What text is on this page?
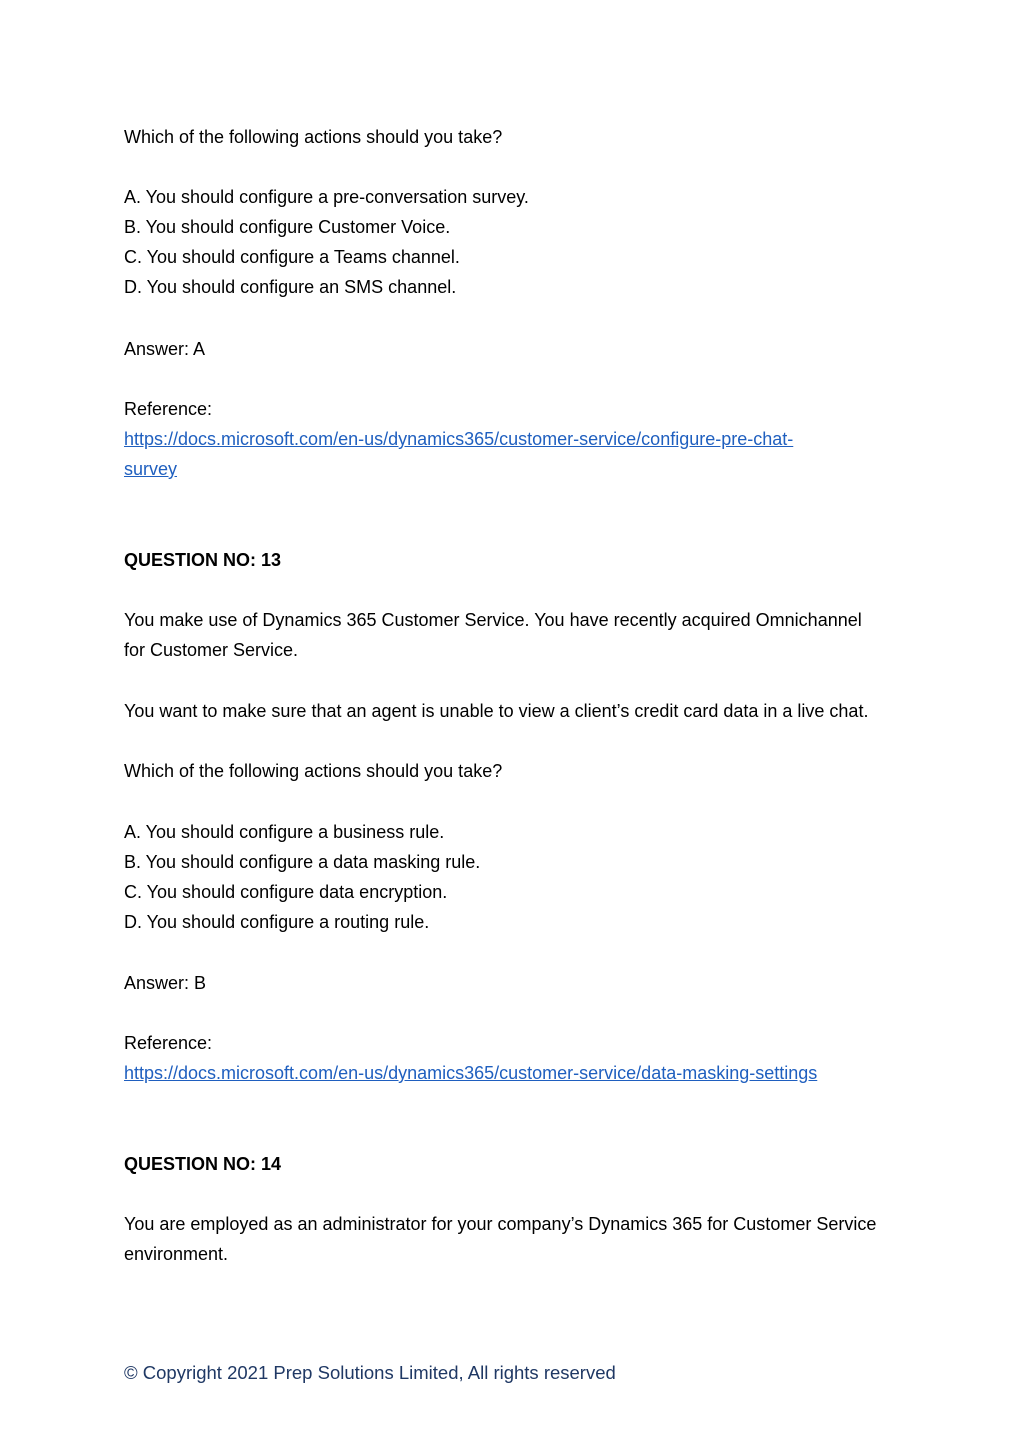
Which of the following actions should you take?
A. You should configure a pre-conversation survey.
B. You should configure Customer Voice.
C. You should configure a Teams channel.
D. You should configure an SMS channel.
Answer: A
Reference:
https://docs.microsoft.com/en-us/dynamics365/customer-service/configure-pre-chat-
survey
QUESTION NO: 13
You make use of Dynamics 365 Customer Service. You have recently acquired Omnichannel
for Customer Service.
You want to make sure that an agent is unable to view a client’s credit card data in a live chat.
Which of the following actions should you take?
A. You should configure a business rule.
B. You should configure a data masking rule.
C. You should configure data encryption.
D. You should configure a routing rule.
Answer: B
Reference:
https://docs.microsoft.com/en-us/dynamics365/customer-service/data-masking-settings
QUESTION NO: 14
You are employed as an administrator for your company’s Dynamics 365 for Customer Service
environment.
© Copyright 2021 Prep Solutions Limited, All rights reserved
